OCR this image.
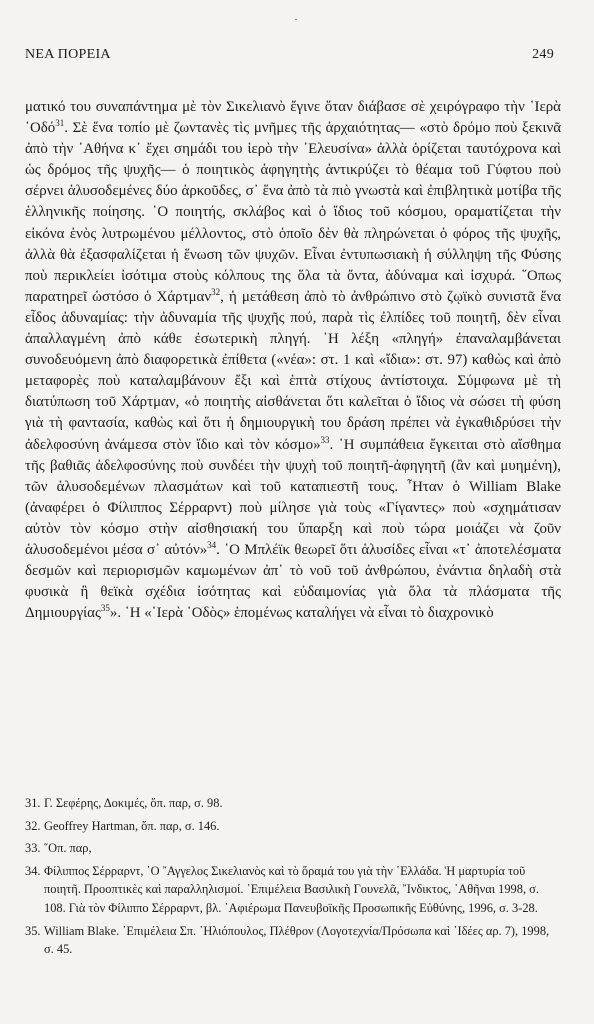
ΝΕΑ ΠΟΡΕΙΑ	249

ματικό του συναπάντημα μὲ τὸν Σικελιανὸ ἔγινε ὅταν διάβασε σὲ χειρόγραφο τὴν ῾Ιερὰ ῾Οδό$^{31}$. Σὲ ἕνα τοπίο μὲ ζωντανὲς τὶς μνῆμες τῆς ἀρχαιότητας— «στὸ δρόμο ποὺ ξεκινᾶ ἀπὸ τὴν ᾿Αθήνα κ᾿ ἔχει σημάδι του ἱερὸ τὴν ᾿Ελευσίνα» ἀλλὰ ὁρίζεται ταυτόχρονα καὶ ὡς δρόμος τῆς ψυχῆς— ὁ ποιητικὸς ἀφηγητὴς ἀντικρύζει τὸ θέαμα τοῦ Γύφτου ποὺ σέρνει ἁλυσοδεμένες δύο ἀρκοῦδες, σ᾿ ἕνα ἀπὸ τὰ πιὸ γνωστὰ καὶ ἐπιβλητικὰ μοτίβα τῆς ἑλληνικῆς ποίησης. ῾Ο ποιητής, σκλάβος καὶ ὁ ἴδιος τοῦ κόσμου, οραματίζεται τὴν εἰκόνα ἑνὸς λυτρωμένου μέλλοντος, στὸ ὁποῖο δὲν θὰ πληρώνεται ὁ φόρος τῆς ψυχῆς, ἀλλὰ θὰ ἐξασφαλίζεται ἡ ἕνωση τῶν ψυχῶν. Εἶναι ἐντυπωσιακὴ ἡ σύλληψη τῆς Φύσης ποὺ περικλείει ἰσότιμα στοὺς κόλπους της ὅλα τὰ ὄντα, ἀδύναμα καὶ ἰσχυρά. ῞Οπως παρατηρεῖ ὡστόσο ὁ Χάρτμαν$^{32}$, ἡ μετάθεση ἀπὸ τὸ ἀνθρώπινο στὸ ζῳϊκὸ συνιστᾶ ἕνα εἶδος ἀδυναμίας: τὴν ἀδυναμία τῆς ψυχῆς πού, παρὰ τὶς ἐλπίδες τοῦ ποιητῆ, δὲν εἶναι ἀπαλλαγμένη ἀπὸ κάθε ἐσωτερικὴ πληγή. ῾Η λέξη «πληγή» ἐπαναλαμβάνεται συνοδευόμενη ἀπὸ διαφορετικὰ ἐπίθετα («νέα»: στ. 1 καὶ «ἴδια»: στ. 97) καθὼς καὶ ἀπὸ μεταφορὲς ποὺ καταλαμβάνουν ἔξι καὶ ἑπτὰ στίχους ἀντίστοιχα. Σύμφωνα μὲ τὴ διατύπωση τοῦ Χάρτμαν, «ὁ ποιητὴς αἰσθάνεται ὅτι καλεῖται ὁ ἴδιος νὰ σώσει τὴ φύση γιὰ τὴ φαντασία, καθὼς καὶ ὅτι ἡ δημιουργικὴ του δράση πρέπει νὰ ἐγκαθιδρύσει τὴν ἀδελφοσύνη ἀνάμεσα στὸν ἴδιο καὶ τὸν κόσμο»$^{33}$. ῾Η συμπάθεια ἔγκειται στὸ αἴσθημα τῆς βαθιᾶς ἀδελφοσύνης ποὺ συνδέει τὴν ψυχὴ τοῦ ποιητῆ-ἀφηγητῆ (ἂν καὶ μυημένη), τῶν ἁλυσοδεμένων πλασμάτων καὶ τοῦ καταπιεστῆ τους. ῏Ηταν ὁ William Blake (ἀναφέρει ὁ Φίλιππος Σέρραρντ) ποὺ μίλησε γιὰ τοὺς «Γίγαντες» ποὺ «σχημάτισαν αὐτὸν τὸν κόσμο στὴν αἰσθησιακή του ὕπαρξη καὶ ποὺ τώρα μοιάζει νὰ ζοῦν ἁλυσοδεμένοι μέσα σ᾿ αὐτόν»$^{34}$. ῾Ο Μπλέϊκ θεωρεῖ ὅτι ἁλυσίδες εἶναι «τ᾿ ἀποτελέσματα δεσμῶν καὶ περιορισμῶν καμωμένων ἀπ᾿ τὸ νοῦ τοῦ ἀνθρώπου, ἐνάντια δηλαδὴ στὰ φυσικὰ ἢ θεϊκὰ σχέδια ἰσότητας καὶ εὐδαιμονίας γιὰ ὅλα τὰ πλάσματα τῆς Δημιουργίας$^{35}$». ῾Η «῾Ιερὰ ῾Οδὸς» ἑπομένως καταλήγει νὰ εἶναι τὸ διαχρονικὸ

31. Γ. Σεφέρης, Δοκιμές, ὅπ. παρ, σ. 98.
32. Geoffrey Hartman, ὅπ. παρ, σ. 146.
33. ῞Οπ. παρ,
34. Φίλιππος Σέρραρντ, ῾Ο ῎Αγγελος Σικελιανὸς καὶ τὸ ὅραμά του γιὰ τὴν ῾Ελλάδα. Ἡ μαρτυρία τοῦ ποιητῆ. Προοπτικὲς καὶ παραλληλισμοί. ᾿Επιμέλεια Βασιλικὴ Γουνελᾶ, ῎Ινδικτος, ᾿Αθῆναι 1998, σ. 108. Γιὰ τὸν Φίλιππο Σέρραρντ, βλ. ᾿Αφιέρωμα Πανευβοϊκῆς Προσωπικῆς Εὐθύνης, 1996, σ. 3-28.
35. William Blake. ᾿Επιμέλεια Σπ. ᾿Ηλιόπουλος, Πλέθρον (Λογοτεχνία/Πρόσωπα καὶ ᾿Ιδέες αρ. 7), 1998, σ. 45.
